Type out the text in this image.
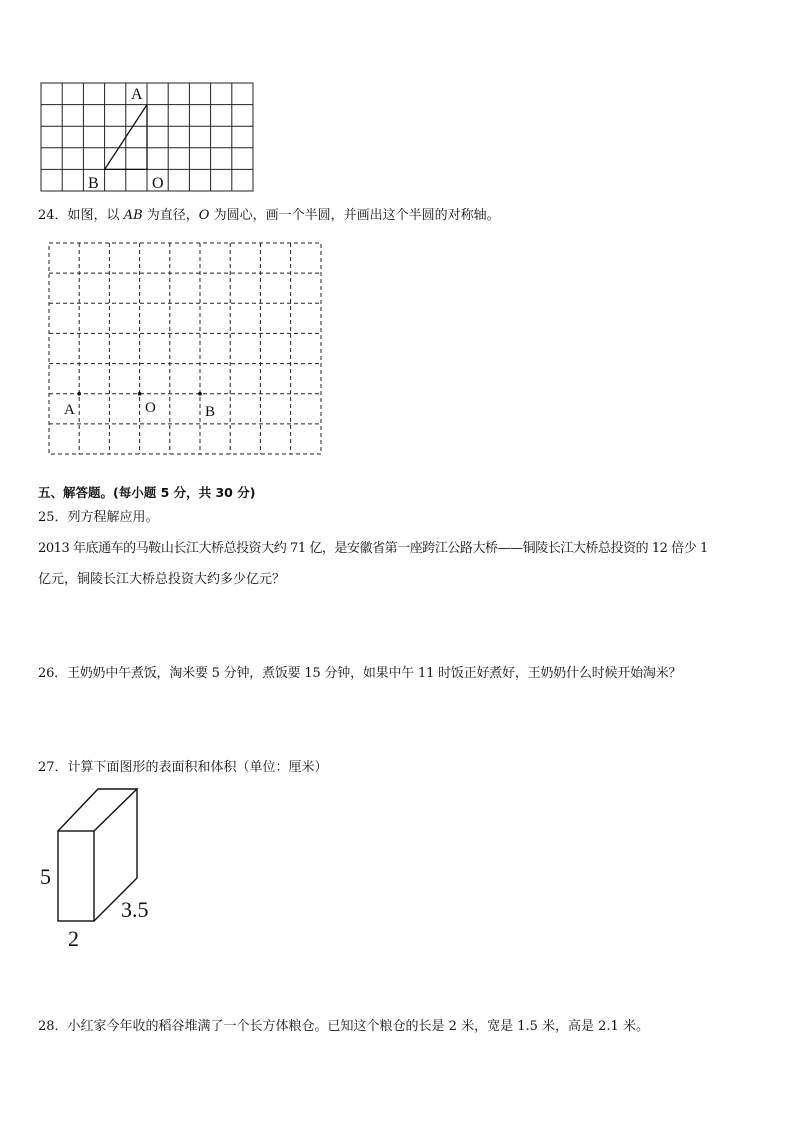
A
B	O
24．如图，以 AB 为直径，O 为圆心，画一个半圆，并画出这个半圆的对称轴。
A	O	B
五、解答题。(每小题 5 分，共 30 分)
25．列方程解应用。
2013 年底通车的马鞍山长江大桥总投资大约 71 亿，是安徽省第一座跨江公路大桥——铜陵长江大桥总投资的 12 倍少 1
亿元，铜陵长江大桥总投资大约多少亿元？
26．王奶奶中午煮饭，淘米要 5 分钟，煮饭要 15 分钟，如果中午 11 时饭正好煮好，王奶奶什么时候开始淘米？
27．计算下面图形的表面积和体积（单位：厘米）
5
2
3.5
28．小红家今年收的稻谷堆满了一个长方体粮仓。已知这个粮仓的长是 2 米，宽是 1.5 米，高是 2.1 米。
